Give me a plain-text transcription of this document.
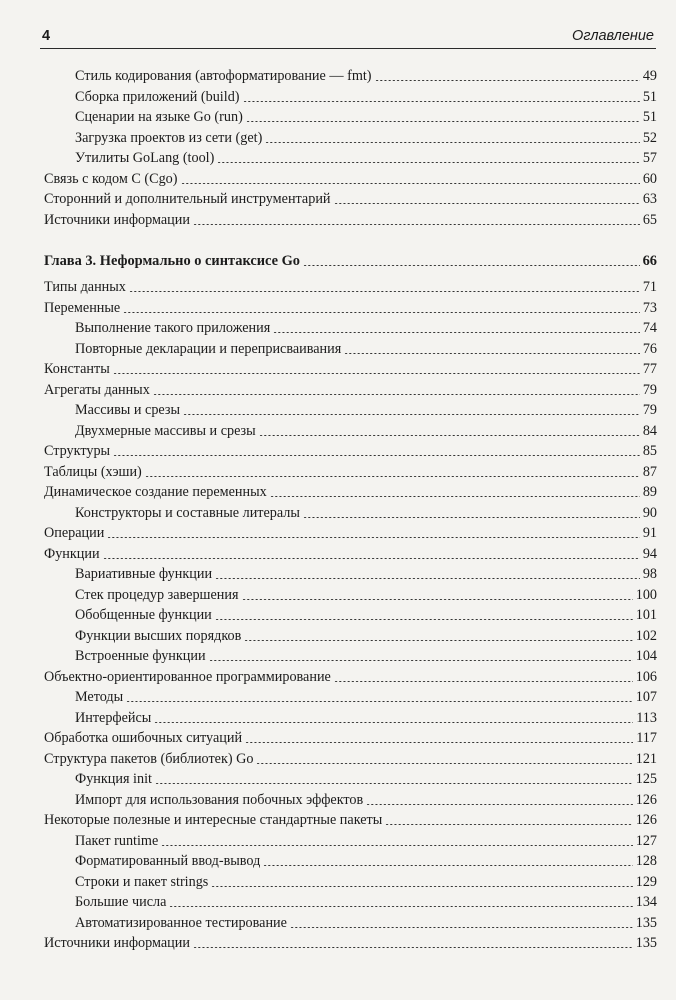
4	Оглавление
Стиль кодирования (автоформатирование — fmt)	49
Сборка приложений (build)	51
Сценарии на языке Go (run)	51
Загрузка проектов из сети (get)	52
Утилиты GoLang (tool)	57
Связь с кодом С (Cgo)	60
Сторонний и дополнительный инструментарий	63
Источники информации	65
Глава 3. Неформально о синтаксисе Go	66
Типы данных	71
Переменные	73
Выполнение такого приложения	74
Повторные декларации и переприсваивания	76
Константы	77
Агрегаты данных	79
Массивы и срезы	79
Двухмерные массивы и срезы	84
Структуры	85
Таблицы (хэши)	87
Динамическое создание переменных	89
Конструкторы и составные литералы	90
Операции	91
Функции	94
Вариативные функции	98
Стек процедур завершения	100
Обобщенные функции	101
Функции высших порядков	102
Встроенные функции	104
Объектно-ориентированное программирование	106
Методы	107
Интерфейсы	113
Обработка ошибочных ситуаций	117
Структура пакетов (библиотек) Go	121
Функция init	125
Импорт для использования побочных эффектов	126
Некоторые полезные и интересные стандартные пакеты	126
Пакет runtime	127
Форматированный ввод-вывод	128
Строки и пакет strings	129
Большие числа	134
Автоматизированное тестирование	135
Источники информации	135
